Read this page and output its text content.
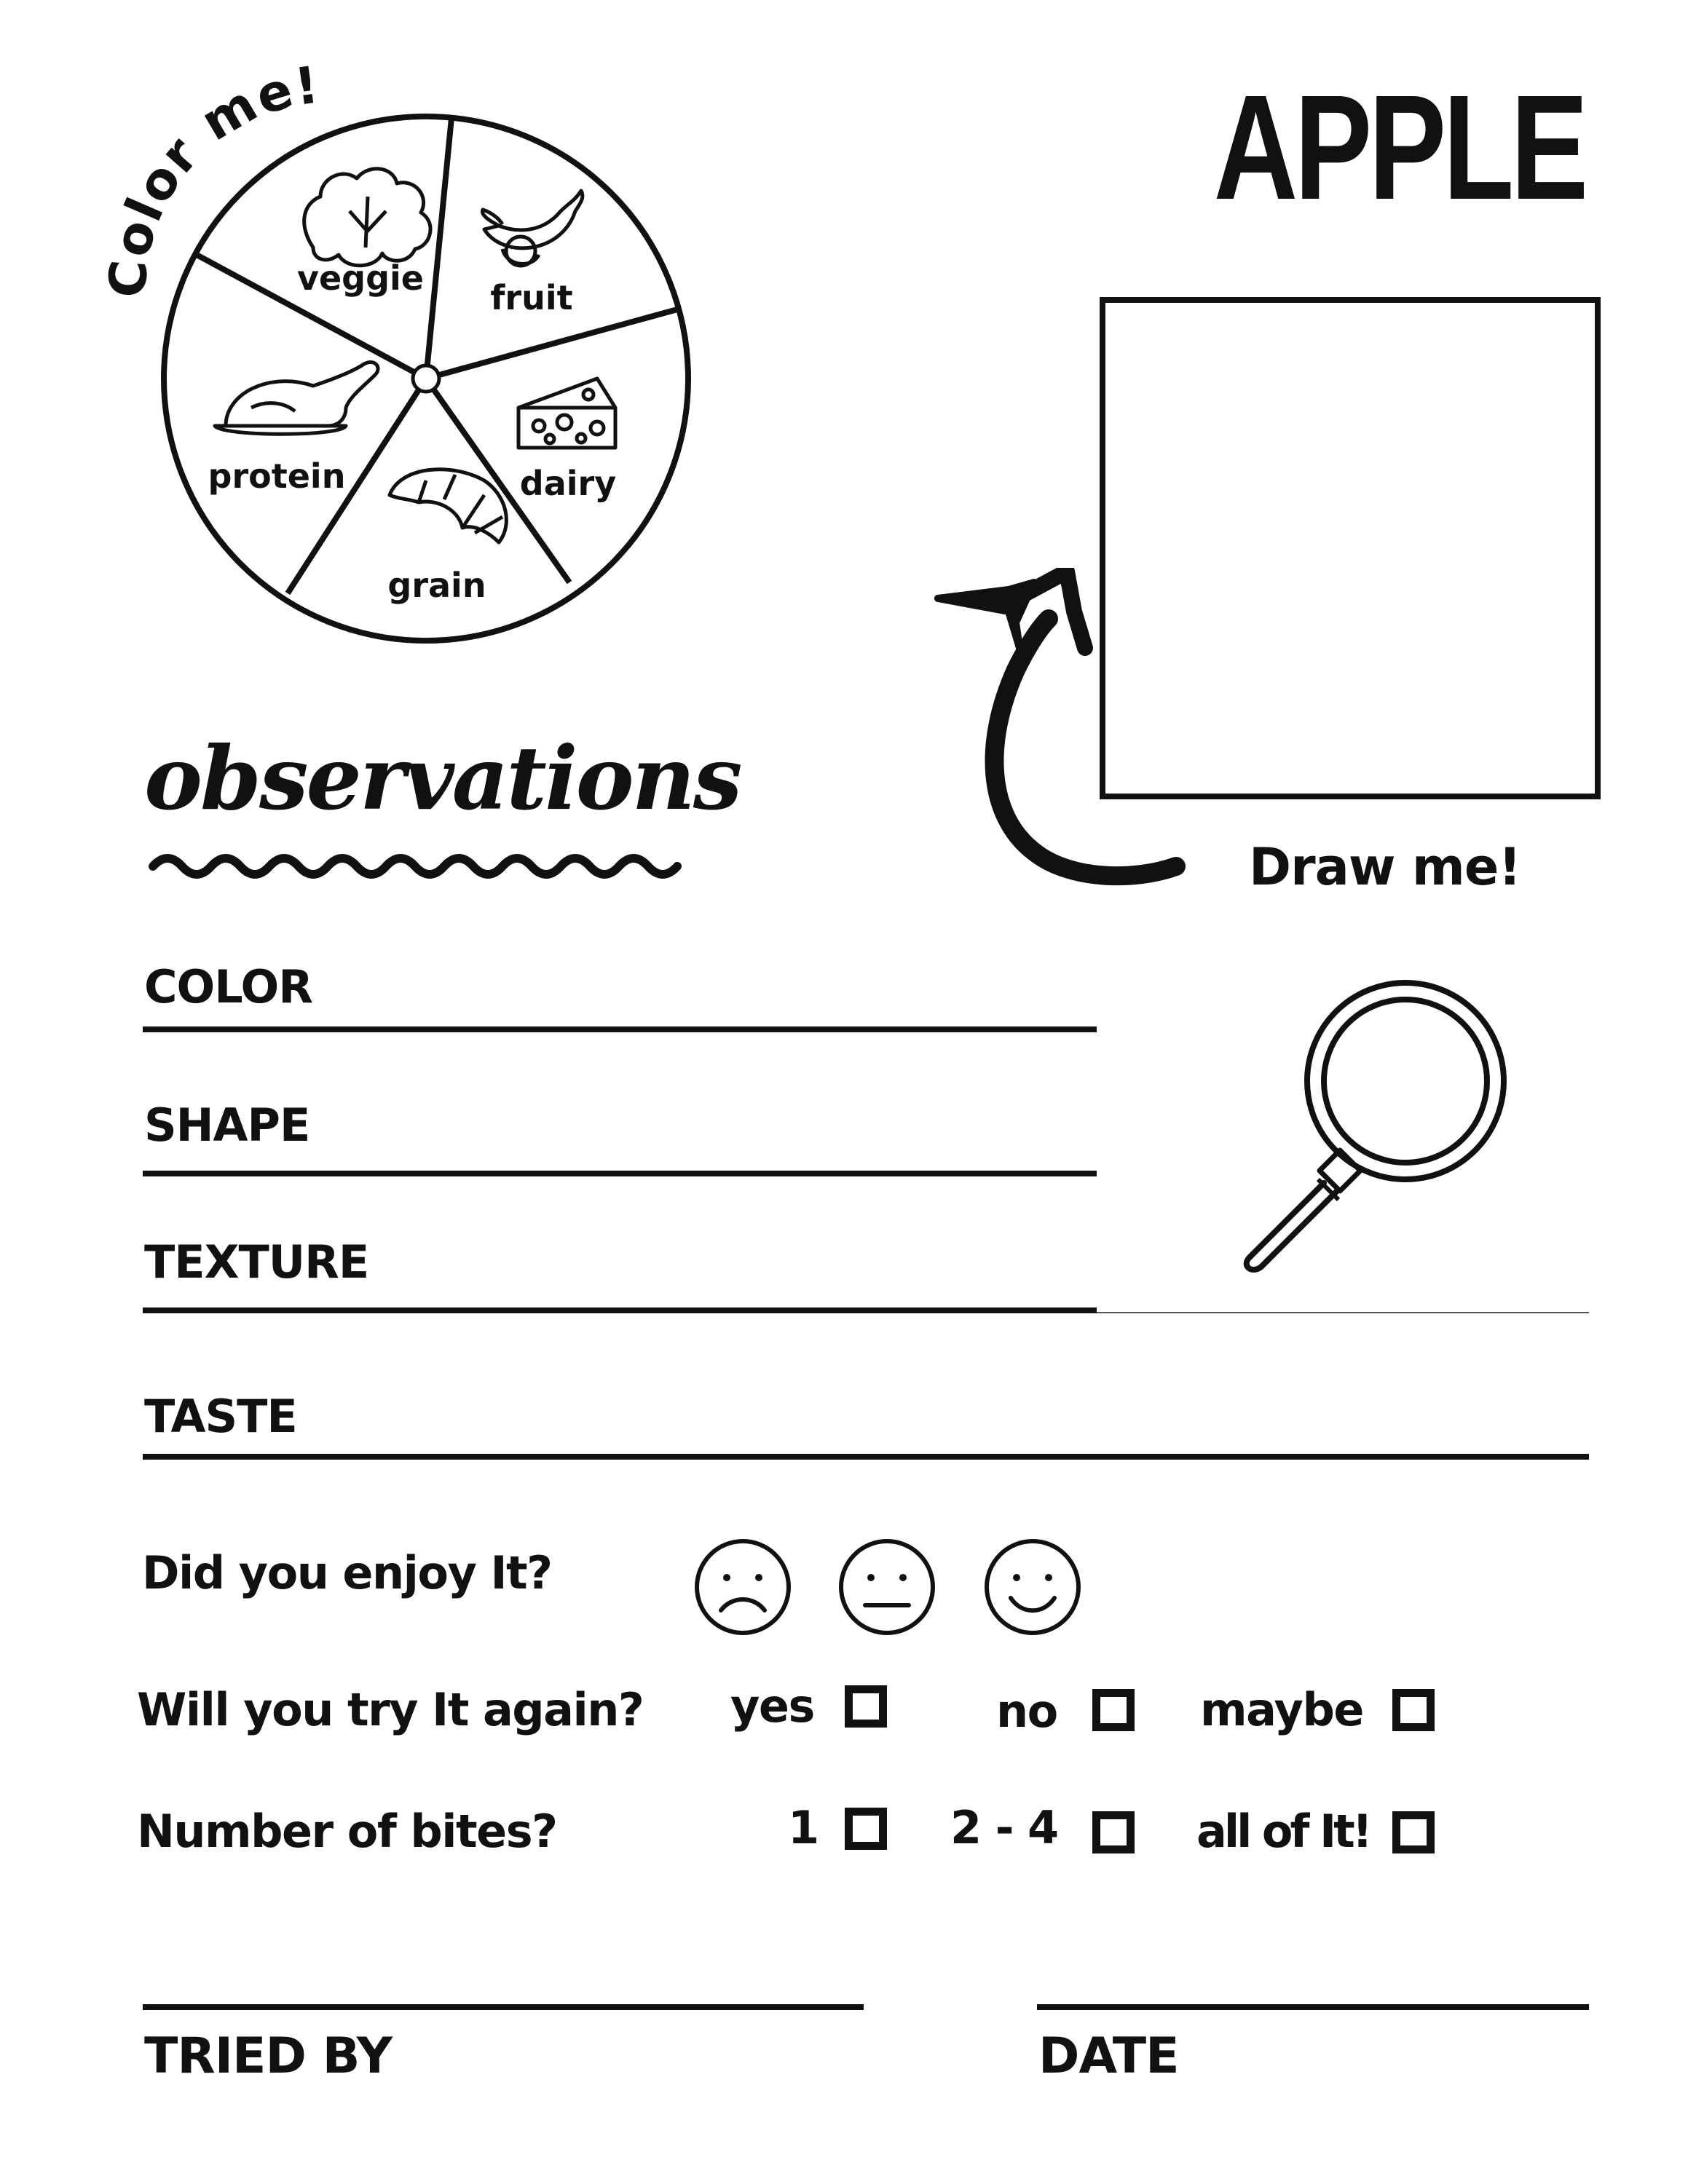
APPLE
Color me!
veggie fruit
dairy
grain
protein
Draw me!
observations
COLOR
SHAPE
TEXTURE
TASTE
Did you enjoy It?
Will you try It again? yes	no	maybe
Number of bites?	1	2 - 4	all of It!
TRIED BY	DATE
